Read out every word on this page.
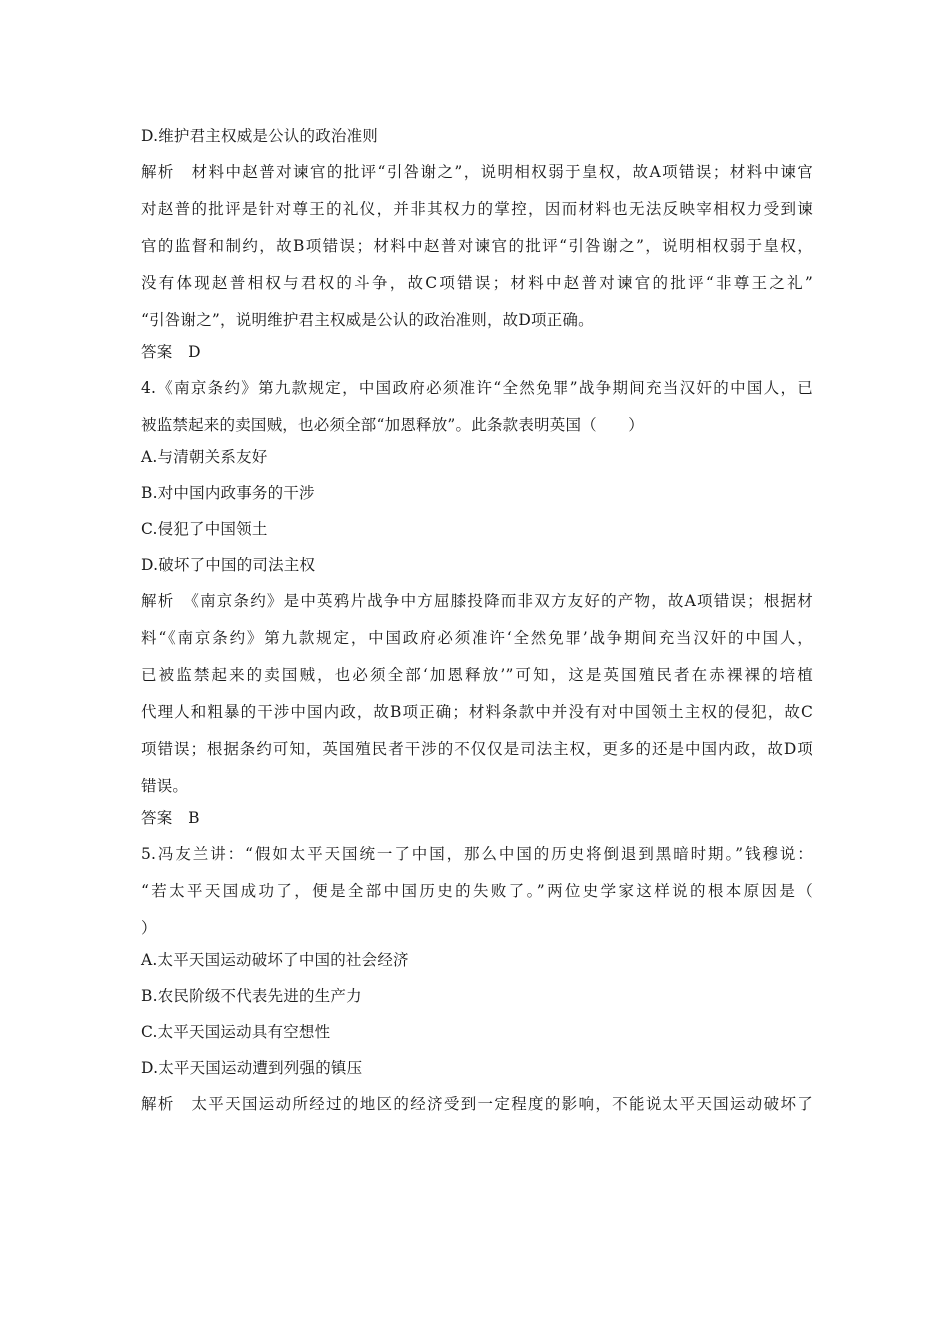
D.维护君主权威是公认的政治准则
解析　材料中赵普对谏官的批评“引咎谢之”，说明相权弱于皇权，故A项错误；材料中谏官
对赵普的批评是针对尊王的礼仪，并非其权力的掌控，因而材料也无法反映宰相权力受到谏
官的监督和制约，故B项错误；材料中赵普对谏官的批评“引咎谢之”，说明相权弱于皇权，
没有体现赵普相权与君权的斗争，故C项错误；材料中赵普对谏官的批评“非尊王之礼”
“引咎谢之”，说明维护君主权威是公认的政治准则，故D项正确。
答案　D
4.《南京条约》第九款规定，中国政府必须准许“全然免罪”战争期间充当汉奸的中国人，已
被监禁起来的卖国贼，也必须全部“加恩释放”。此条款表明英国（　　）
A.与清朝关系友好
B.对中国内政事务的干涉
C.侵犯了中国领土
D.破坏了中国的司法主权
解析　《南京条约》是中英鸦片战争中方屈膝投降而非双方友好的产物，故A项错误；根据材
料“《南京条约》第九款规定，中国政府必须准许‘全然免罪’战争期间充当汉奸的中国人，
已被监禁起来的卖国贼，也必须全部‘加恩释放’”可知，这是英国殖民者在赤裸裸的培植
代理人和粗暴的干涉中国内政，故B项正确；材料条款中并没有对中国领土主权的侵犯，故C
项错误；根据条约可知，英国殖民者干涉的不仅仅是司法主权，更多的还是中国内政，故D项
错误。
答案　B
5.冯友兰讲：“假如太平天国统一了中国，那么中国的历史将倒退到黑暗时期。”钱穆说：
“若太平天国成功了，便是全部中国历史的失败了。”两位史学家这样说的根本原因是（
）
A.太平天国运动破坏了中国的社会经济
B.农民阶级不代表先进的生产力
C.太平天国运动具有空想性
D.太平天国运动遭到列强的镇压
解析　太平天国运动所经过的地区的经济受到一定程度的影响，不能说太平天国运动破坏了
